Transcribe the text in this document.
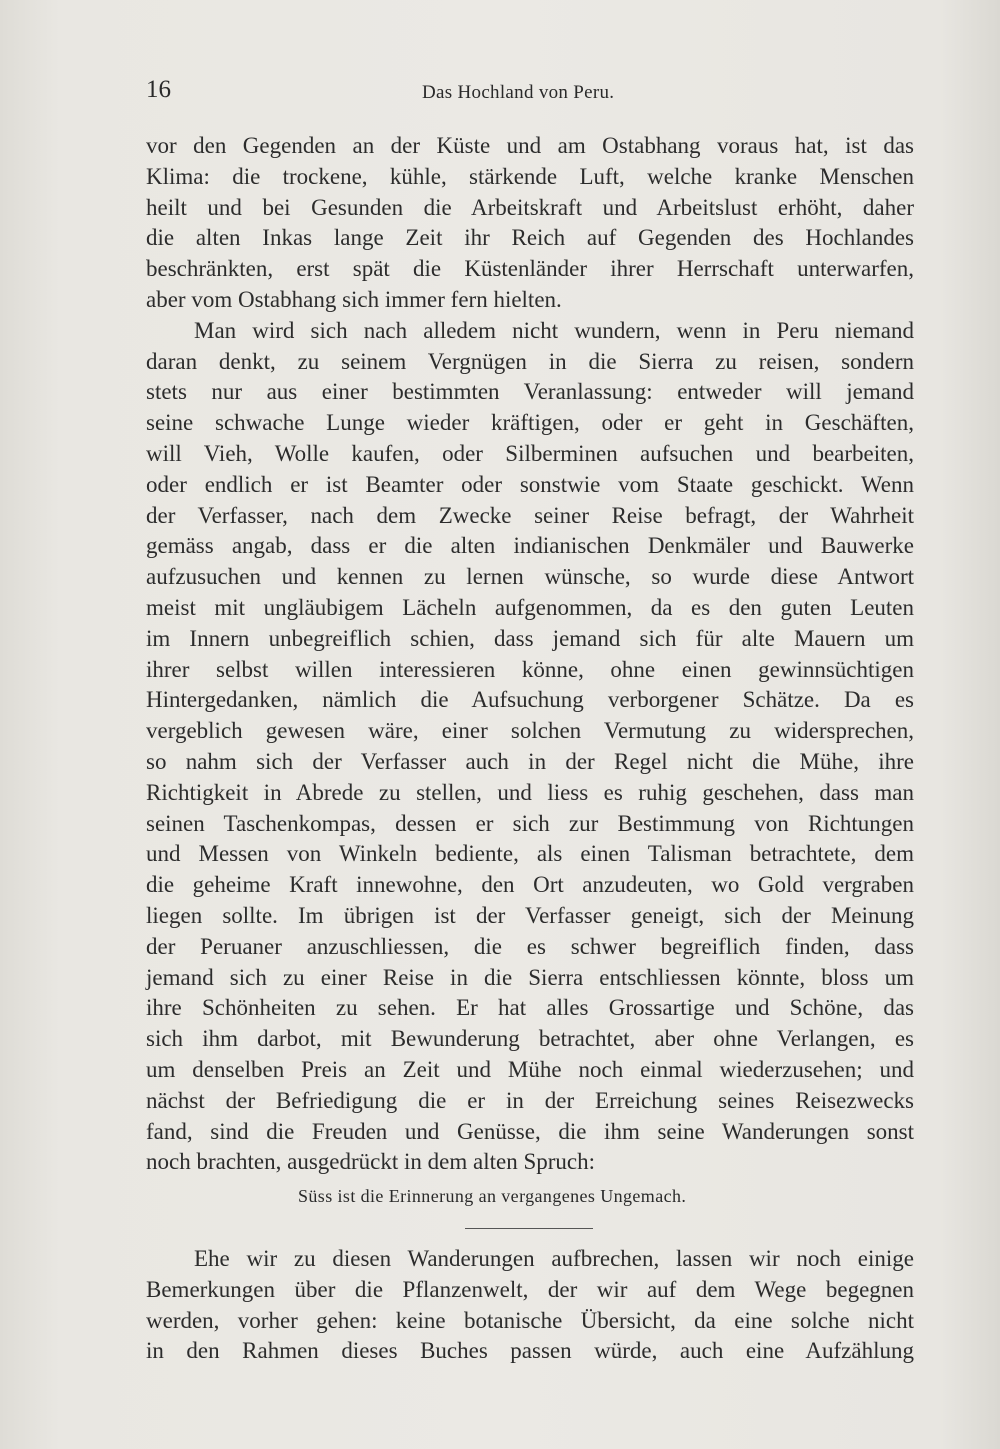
16	Das Hochland von Peru.
vor den Gegenden an der Küste und am Ostabhang voraus hat, ist das
Klima: die trockene, kühle, stärkende Luft, welche kranke Menschen
heilt und bei Gesunden die Arbeitskraft und Arbeitslust erhöht, daher
die alten Inkas lange Zeit ihr Reich auf Gegenden des Hochlandes
beschränkten, erst spät die Küstenländer ihrer Herrschaft unterwarfen,
aber vom Ostabhang sich immer fern hielten.
Man wird sich nach alledem nicht wundern, wenn in Peru niemand
daran denkt, zu seinem Vergnügen in die Sierra zu reisen, sondern
stets nur aus einer bestimmten Veranlassung: entweder will jemand
seine schwache Lunge wieder kräftigen, oder er geht in Geschäften,
will Vieh, Wolle kaufen, oder Silberminen aufsuchen und bearbeiten,
oder endlich er ist Beamter oder sonstwie vom Staate geschickt. Wenn
der Verfasser, nach dem Zwecke seiner Reise befragt, der Wahrheit
gemäss angab, dass er die alten indianischen Denkmäler und Bauwerke
aufzusuchen und kennen zu lernen wünsche, so wurde diese Antwort
meist mit ungläubigem Lächeln aufgenommen, da es den guten Leuten
im Innern unbegreiflich schien, dass jemand sich für alte Mauern um
ihrer selbst willen interessieren könne, ohne einen gewinnsüchtigen
Hintergedanken, nämlich die Aufsuchung verborgener Schätze. Da es
vergeblich gewesen wäre, einer solchen Vermutung zu widersprechen,
so nahm sich der Verfasser auch in der Regel nicht die Mühe, ihre
Richtigkeit in Abrede zu stellen, und liess es ruhig geschehen, dass man
seinen Taschenkompas, dessen er sich zur Bestimmung von Richtungen
und Messen von Winkeln bediente, als einen Talisman betrachtete, dem
die geheime Kraft innewohne, den Ort anzudeuten, wo Gold vergraben
liegen sollte. Im übrigen ist der Verfasser geneigt, sich der Meinung
der Peruaner anzuschliessen, die es schwer begreiflich finden, dass
jemand sich zu einer Reise in die Sierra entschliessen könnte, bloss um
ihre Schönheiten zu sehen. Er hat alles Grossartige und Schöne, das
sich ihm darbot, mit Bewunderung betrachtet, aber ohne Verlangen, es
um denselben Preis an Zeit und Mühe noch einmal wiederzusehen; und
nächst der Befriedigung die er in der Erreichung seines Reisezwecks
fand, sind die Freuden und Genüsse, die ihm seine Wanderungen sonst
noch brachten, ausgedrückt in dem alten Spruch:
Süss ist die Erinnerung an vergangenes Ungemach.
Ehe wir zu diesen Wanderungen aufbrechen, lassen wir noch einige
Bemerkungen über die Pflanzenwelt, der wir auf dem Wege begegnen
werden, vorher gehen: keine botanische Übersicht, da eine solche nicht
in den Rahmen dieses Buches passen würde, auch eine Aufzählung
